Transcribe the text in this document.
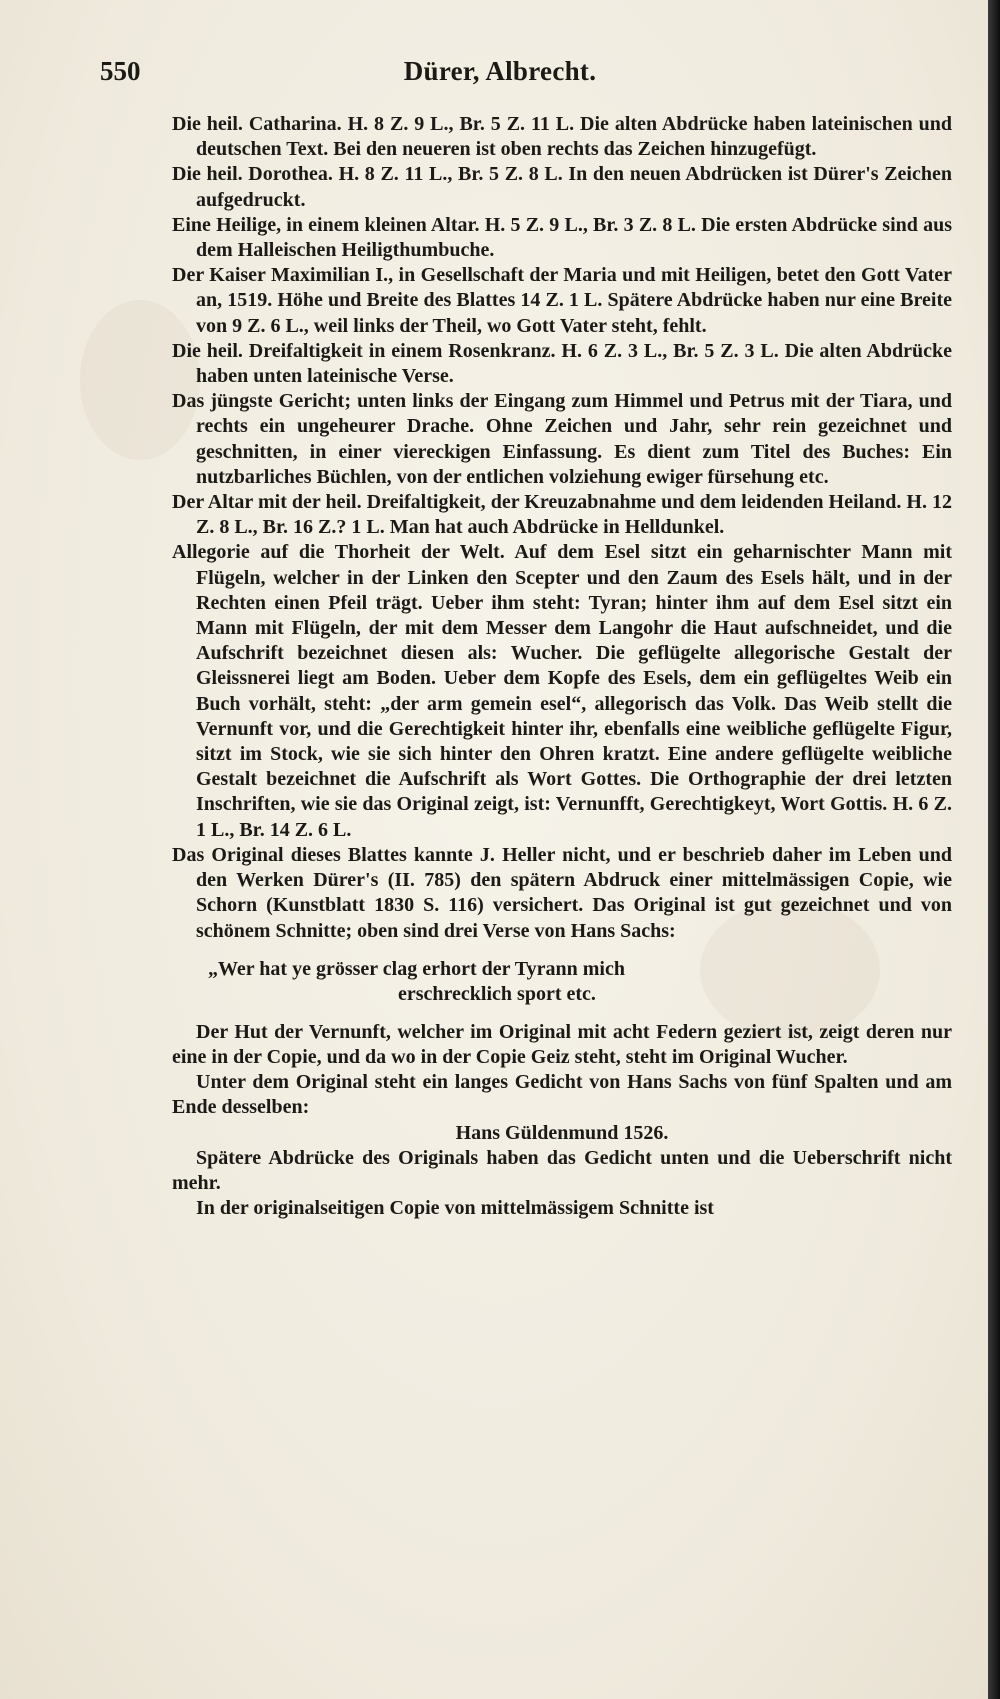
550	Dürer, Albrecht.

Die heil. Catharina. H. 8 Z. 9 L., Br. 5 Z. 11 L. Die alten Abdrücke haben lateinischen und deutschen Text. Bei den neueren ist oben rechts das Zeichen hinzugefügt.

Die heil. Dorothea. H. 8 Z. 11 L., Br. 5 Z. 8 L. In den neuen Abdrücken ist Dürer's Zeichen aufgedruckt.

Eine Heilige, in einem kleinen Altar. H. 5 Z. 9 L., Br. 3 Z. 8 L. Die ersten Abdrücke sind aus dem Halleischen Heiligthumbuche.

Der Kaiser Maximilian I., in Gesellschaft der Maria und mit Heiligen, betet den Gott Vater an, 1519. Höhe und Breite des Blattes 14 Z. 1 L. Spätere Abdrücke haben nur eine Breite von 9 Z. 6 L., weil links der Theil, wo Gott Vater steht, fehlt.

Die heil. Dreifaltigkeit in einem Rosenkranz. H. 6 Z. 3 L., Br. 5 Z. 3 L. Die alten Abdrücke haben unten lateinische Verse.

Das jüngste Gericht; unten links der Eingang zum Himmel und Petrus mit der Tiara, und rechts ein ungeheurer Drache. Ohne Zeichen und Jahr, sehr rein gezeichnet und geschnitten, in einer viereckigen Einfassung. Es dient zum Titel des Buches: Ein nutzbarliches Büchlen, von der entlichen volziehung ewiger fürsehung etc.

Der Altar mit der heil. Dreifaltigkeit, der Kreuzabnahme und dem leidenden Heiland. H. 12 Z. 8 L., Br. 16 Z.? 1 L. Man hat auch Abdrücke in Helldunkel.

Allegorie auf die Thorheit der Welt. Auf dem Esel sitzt ein geharnischter Mann mit Flügeln, welcher in der Linken den Scepter und den Zaum des Esels hält, und in der Rechten einen Pfeil trägt. Ueber ihm steht: Tyran; hinter ihm auf dem Esel sitzt ein Mann mit Flügeln, der mit dem Messer dem Langohr die Haut aufschneidet, und die Aufschrift bezeichnet diesen als: Wucher. Die geflügelte allegorische Gestalt der Gleissnerei liegt am Boden. Ueber dem Kopfe des Esels, dem ein geflügeltes Weib ein Buch vorhält, steht: „der arm gemein esel“, allegorisch das Volk. Das Weib stellt die Vernunft vor, und die Gerechtigkeit hinter ihr, ebenfalls eine weibliche geflügelte Figur, sitzt im Stock, wie sie sich hinter den Ohren kratzt. Eine andere geflügelte weibliche Gestalt bezeichnet die Aufschrift als Wort Gottes. Die Orthographie der drei letzten Inschriften, wie sie das Original zeigt, ist: Vernunfft, Gerechtigkeyt, Wort Gottis. H. 6 Z. 1 L., Br. 14 Z. 6 L.

Das Original dieses Blattes kannte J. Heller nicht, und er beschrieb daher im Leben und den Werken Dürer's (II. 785) den spätern Abdruck einer mittelmässigen Copie, wie Schorn (Kunstblatt 1830 S. 116) versichert. Das Original ist gut gezeichnet und von schönem Schnitte; oben sind drei Verse von Hans Sachs:

„Wer hat ye grösser clag erhort der Tyrann mich
erschrecklich sport etc.

Der Hut der Vernunft, welcher im Original mit acht Federn geziert ist, zeigt deren nur eine in der Copie, und da wo in der Copie Geiz steht, steht im Original Wucher.

Unter dem Original steht ein langes Gedicht von Hans Sachs von fünf Spalten und am Ende desselben:

Hans Güldenmund 1526.

Spätere Abdrücke des Originals haben das Gedicht unten und die Ueberschrift nicht mehr.

In der originalseitigen Copie von mittelmässigem Schnitte ist
